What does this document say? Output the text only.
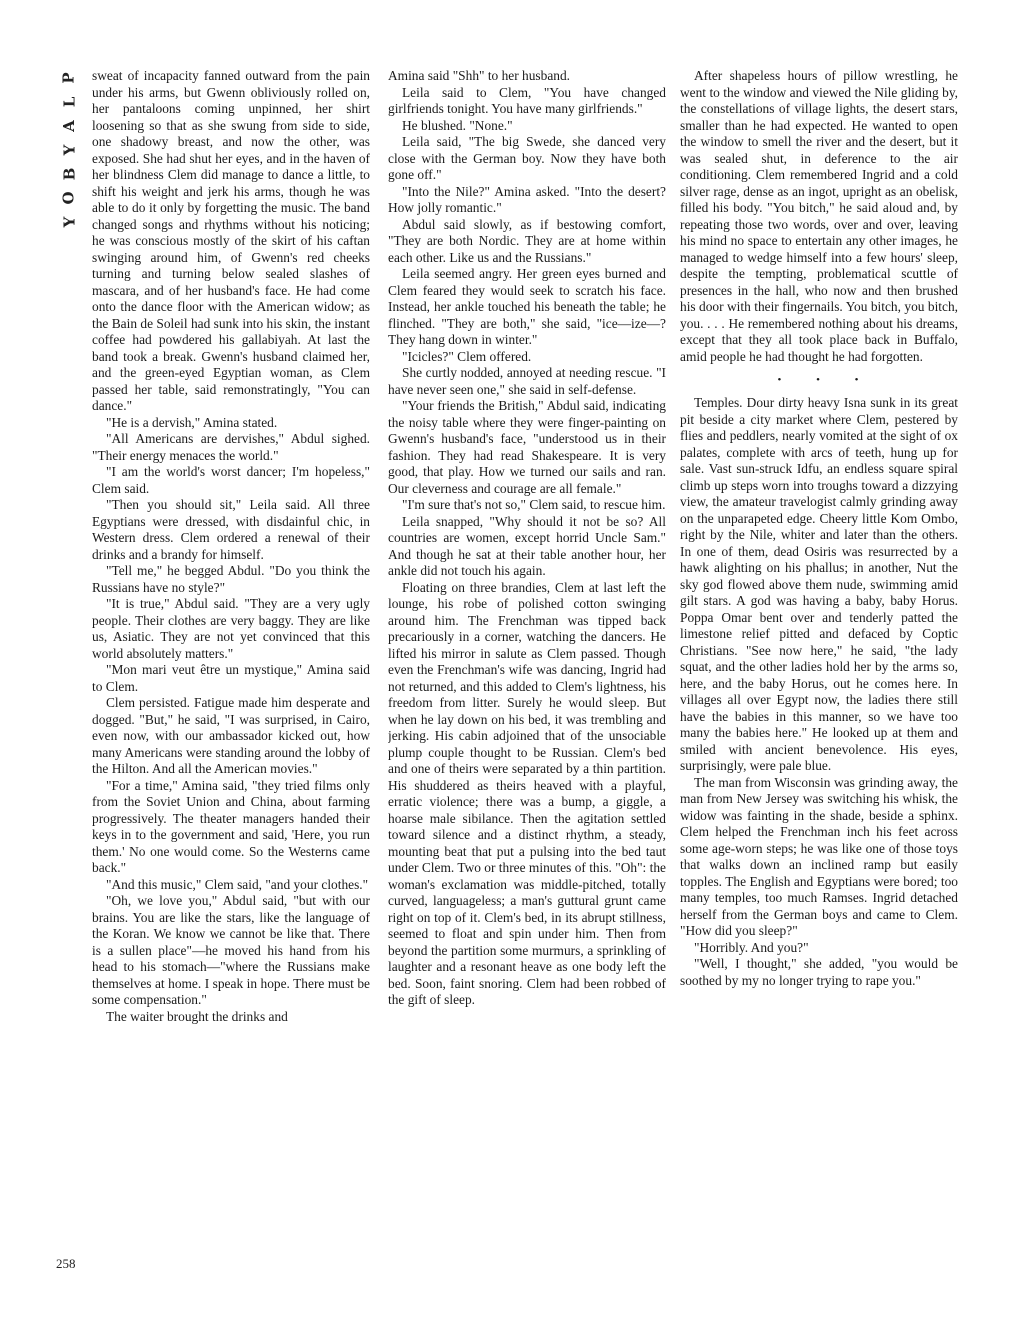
P
L
A
Y
B
O
Y

sweat of incapacity fanned outward from the pain under his arms, but Gwenn obliviously rolled on, her pantaloons coming unpinned, her shirt loosening so that as she swung from side to side, one shadowy breast, and now the other, was exposed. She had shut her eyes, and in the haven of her blindness Clem did manage to dance a little, to shift his weight and jerk his arms, though he was able to do it only by forgetting the music. The band changed songs and rhythms without his noticing; he was conscious mostly of the skirt of his caftan swinging around him, of Gwenn's red cheeks turning and turning below sealed slashes of mascara, and of her husband's face. He had come onto the dance floor with the American widow; as the Bain de Soleil had sunk into his skin, the instant coffee had powdered his gallabiyah. At last the band took a break. Gwenn's husband claimed her, and the green-eyed Egyptian woman, as Clem passed her table, said remonstratingly, "You can dance."

"He is a dervish," Amina stated.

"All Americans are dervishes," Abdul sighed. "Their energy menaces the world."

"I am the world's worst dancer; I'm hopeless," Clem said.

"Then you should sit," Leila said. All three Egyptians were dressed, with disdainful chic, in Western dress. Clem ordered a renewal of their drinks and a brandy for himself.

"Tell me," he begged Abdul. "Do you think the Russians have no style?"

"It is true," Abdul said. "They are a very ugly people. Their clothes are very baggy. They are like us, Asiatic. They are not yet convinced that this world absolutely matters."

"Mon mari veut être un mystique," Amina said to Clem.

Clem persisted. Fatigue made him desperate and dogged. "But," he said, "I was surprised, in Cairo, even now, with our ambassador kicked out, how many Americans were standing around the lobby of the Hilton. And all the American movies."

"For a time," Amina said, "they tried films only from the Soviet Union and China, about farming progressively. The theater managers handed their keys in to the government and said, 'Here, you run them.' No one would come. So the Westerns came back."

"And this music," Clem said, "and your clothes."

"Oh, we love you," Abdul said, "but with our brains. You are like the stars, like the language of the Koran. We know we cannot be like that. There is a sullen place"—he moved his hand from his head to his stomach—"where the Russians make themselves at home. I speak in hope. There must be some compensation."

The waiter brought the drinks and

Amina said "Shh" to her husband.

Leila said to Clem, "You have changed girlfriends tonight. You have many girlfriends."

He blushed. "None."

Leila said, "The big Swede, she danced very close with the German boy. Now they have both gone off."

"Into the Nile?" Amina asked. "Into the desert? How jolly romantic."

Abdul said slowly, as if bestowing comfort, "They are both Nordic. They are at home within each other. Like us and the Russians."

Leila seemed angry. Her green eyes burned and Clem feared they would seek to scratch his face. Instead, her ankle touched his beneath the table; he flinched. "They are both," she said, "ice—ize—? They hang down in winter."

"Icicles?" Clem offered.

She curtly nodded, annoyed at needing rescue. "I have never seen one," she said in self-defense.

"Your friends the British," Abdul said, indicating the noisy table where they were finger-painting on Gwenn's husband's face, "understood us in their fashion. They had read Shakespeare. It is very good, that play. How we turned our sails and ran. Our cleverness and courage are all female."

"I'm sure that's not so," Clem said, to rescue him.

Leila snapped, "Why should it not be so? All countries are women, except horrid Uncle Sam." And though he sat at their table another hour, her ankle did not touch his again.

Floating on three brandies, Clem at last left the lounge, his robe of polished cotton swinging around him. The Frenchman was tipped back precariously in a corner, watching the dancers. He lifted his mirror in salute as Clem passed. Though even the Frenchman's wife was dancing, Ingrid had not returned, and this added to Clem's lightness, his freedom from litter. Surely he would sleep. But when he lay down on his bed, it was trembling and jerking. His cabin adjoined that of the unsociable plump couple thought to be Russian. Clem's bed and one of theirs were separated by a thin partition. His shuddered as theirs heaved with a playful, erratic violence; there was a bump, a giggle, a hoarse male sibilance. Then the agitation settled toward silence and a distinct rhythm, a steady, mounting beat that put a pulsing into the bed taut under Clem. Two or three minutes of this. "Oh": the woman's exclamation was middle-pitched, totally curved, languageless; a man's guttural grunt came right on top of it. Clem's bed, in its abrupt stillness, seemed to float and spin under him. Then from beyond the partition some murmurs, a sprinkling of laughter and a resonant heave as one body left the bed. Soon, faint snoring. Clem had been robbed of the gift of sleep.

After shapeless hours of pillow wrestling, he went to the window and viewed the Nile gliding by, the constellations of village lights, the desert stars, smaller than he had expected. He wanted to open the window to smell the river and the desert, but it was sealed shut, in deference to the air conditioning. Clem remembered Ingrid and a cold silver rage, dense as an ingot, upright as an obelisk, filled his body. "You bitch," he said aloud and, by repeating those two words, over and over, leaving his mind no space to entertain any other images, he managed to wedge himself into a few hours' sleep, despite the tempting, problematical scuttle of presences in the hall, who now and then brushed his door with their fingernails. You bitch, you bitch, you. . . . He remembered nothing about his dreams, except that they all took place back in Buffalo, amid people he had thought he had forgotten.

• • •

Temples. Dour dirty heavy Isna sunk in its great pit beside a city market where Clem, pestered by flies and peddlers, nearly vomited at the sight of ox palates, complete with arcs of teeth, hung up for sale. Vast sun-struck Idfu, an endless square spiral climb up steps worn into troughs toward a dizzying view, the amateur travelogist calmly grinding away on the unparapeted edge. Cheery little Kom Ombo, right by the Nile, whiter and later than the others. In one of them, dead Osiris was resurrected by a hawk alighting on his phallus; in another, Nut the sky god flowed above them nude, swimming amid gilt stars. A god was having a baby, baby Horus. Poppa Omar bent over and tenderly patted the limestone relief pitted and defaced by Coptic Christians. "See now here," he said, "the lady squat, and the other ladies hold her by the arms so, here, and the baby Horus, out he comes here. In villages all over Egypt now, the ladies there still have the babies in this manner, so we have too many the babies here." He looked up at them and smiled with ancient benevolence. His eyes, surprisingly, were pale blue.

The man from Wisconsin was grinding away, the man from New Jersey was switching his whisk, the widow was fainting in the shade, beside a sphinx. Clem helped the Frenchman inch his feet across some age-worn steps; he was like one of those toys that walks down an inclined ramp but easily topples. The English and Egyptians were bored; too many temples, too much Ramses. Ingrid detached herself from the German boys and came to Clem. "How did you sleep?"

"Horribly. And you?"

"Well, I thought," she added, "you would be soothed by my no longer trying to rape you."

258
